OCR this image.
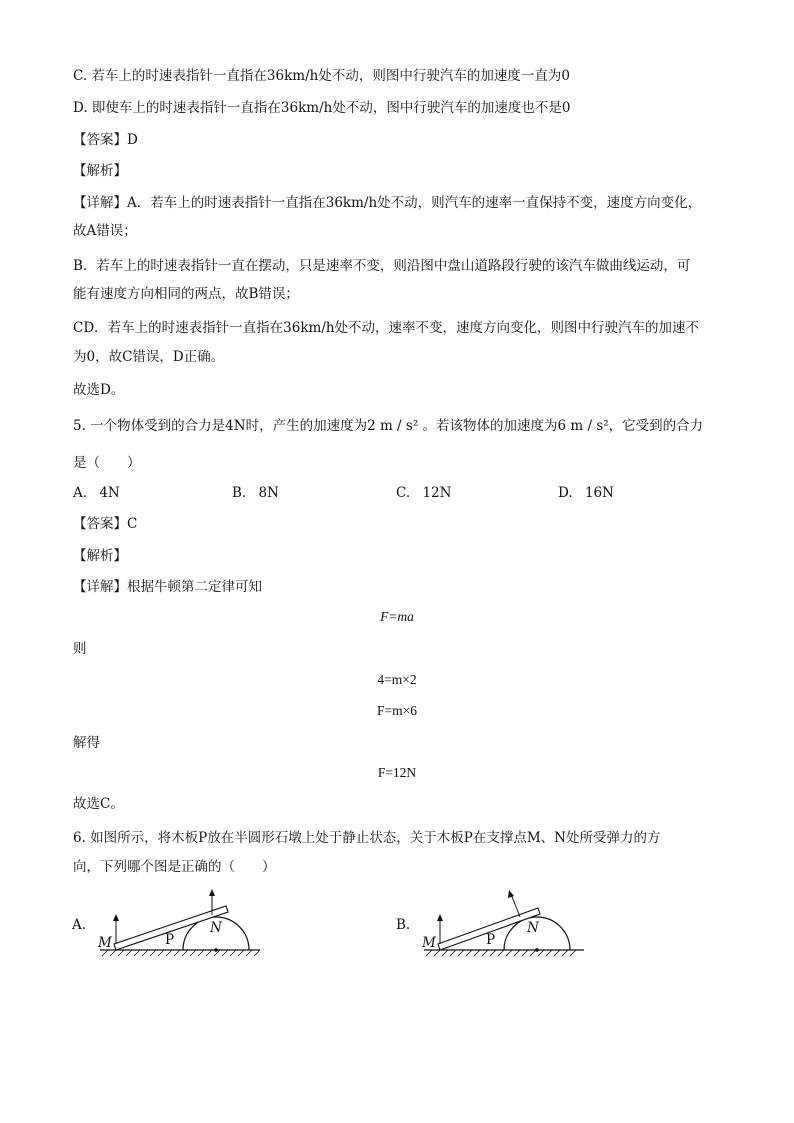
C. 若车上的时速表指针一直指在36km/h处不动，则图中行驶汽车的加速度一直为0
D. 即使车上的时速表指针一直指在36km/h处不动，图中行驶汽车的加速度也不是0
【答案】D
【解析】
【详解】A．若车上的时速表指针一直指在36km/h处不动，则汽车的速率一直保持不变，速度方向变化，
故A错误；
B．若车上的时速表指针一直在摆动，只是速率不变，则沿图中盘山道路段行驶的该汽车做曲线运动，可
能有速度方向相同的两点，故B错误；
CD．若车上的时速表指针一直指在36km/h处不动，速率不变，速度方向变化，则图中行驶汽车的加速不
为0，故C错误，D正确。
故选D。
5. 一个物体受到的合力是4N时，产生的加速度为2 m / s² 。若该物体的加速度为6 m / s²，它受到的合力
是（　　）
A. 4N	B. 8N	C. 12N	D. 16N
【答案】C
【解析】
【详解】根据牛顿第二定律可知
F=ma
则
4=m×2
F=m×6
解得
F=12N
故选C。
6. 如图所示，将木板P放在半圆形石墩上处于静止状态，关于木板P在支撑点M、N处所受弹力的方
向，下列哪个图是正确的（　　）
A.
M	P
N	B.
M	P
N
